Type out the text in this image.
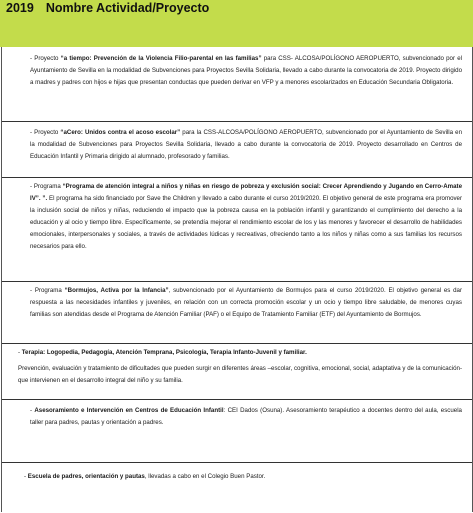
2019 Nombre Actividad/Proyecto

- Proyecto “a tiempo: Prevención de la Violencia Filio-parental en las familias” para CSS- ALCOSA/POLÍGONO AEROPUERTO, subvencionado por el Ayuntamiento de Sevilla en la modalidad de Subvenciones para Proyectos Sevilla Solidaria, llevado a cabo durante la convocatoria de 2019. Proyecto dirigido a madres y padres con hijos e hijas que presentan conductas que pueden derivar en VFP y a menores escolarizados en Educación Secundaria Obligatoria.

- Proyecto “aCero: Unidos contra el acoso escolar” para la CSS-ALCOSA/POLÍGONO AEROPUERTO, subvencionado por el Ayuntamiento de Sevilla en la modalidad de Subvenciones para Proyectos Sevilla Solidaria, llevado a cabo durante la convocatoria de 2019. Proyecto desarrollado en Centros de Educación Infantil y Primaria dirigido al alumnado, profesorado y familias.

- Programa “Programa de atención integral a niños y niñas en riesgo de pobreza y exclusión social: Crecer Aprendiendo y Jugando en Cerro-Amate IV”. ”. El programa ha sido financiado por Save the Children y llevado a cabo durante el curso 2019/2020. El objetivo general de este programa era promover la inclusión social de niños y niñas, reduciendo el impacto que la pobreza causa en la población infantil y garantizando el cumplimiento del derecho a la educación y al ocio y tiempo libre. Específicamente, se pretendía mejorar el rendimiento escolar de los y las menores y favorecer el desarrollo de habilidades emocionales, interpersonales y sociales, a través de actividades lúdicas y recreativas, ofreciendo tanto a los niños y niñas como a sus familias los recursos necesarios para ello.

- Programa “Bormujos, Activa por la Infancia”, subvencionado por el Ayuntamiento de Bormujos para el curso 2019/2020. El objetivo general es dar respuesta a las necesidades infantiles y juveniles, en relación con un correcta promoción escolar y un ocio y tiempo libre saludable, de menores cuyas familias son atendidas desde el Programa de Atención Familiar (PAF) o el Equipo de Tratamiento Familiar (ETF) del Ayuntamiento de Bormujos.

- Terapia: Logopedia, Pedagogía, Atención Temprana, Psicología, Terapia Infanto-Juvenil y familiar.

Prevención, evaluación y tratamiento de dificultades que pueden surgir en diferentes áreas –escolar, cognitiva, emocional, social, adaptativa y de la comunicación- que intervienen en el desarrollo integral del niño y su familia.

- Asesoramiento e Intervención en Centros de Educación Infantil: CEI Dados (Osuna). Asesoramiento terapéutico a docentes dentro del aula, escuela taller para padres, pautas y orientación a padres.

- Escuela de padres, orientación y pautas, llevadas a cabo en el Colegio Buen Pastor.
